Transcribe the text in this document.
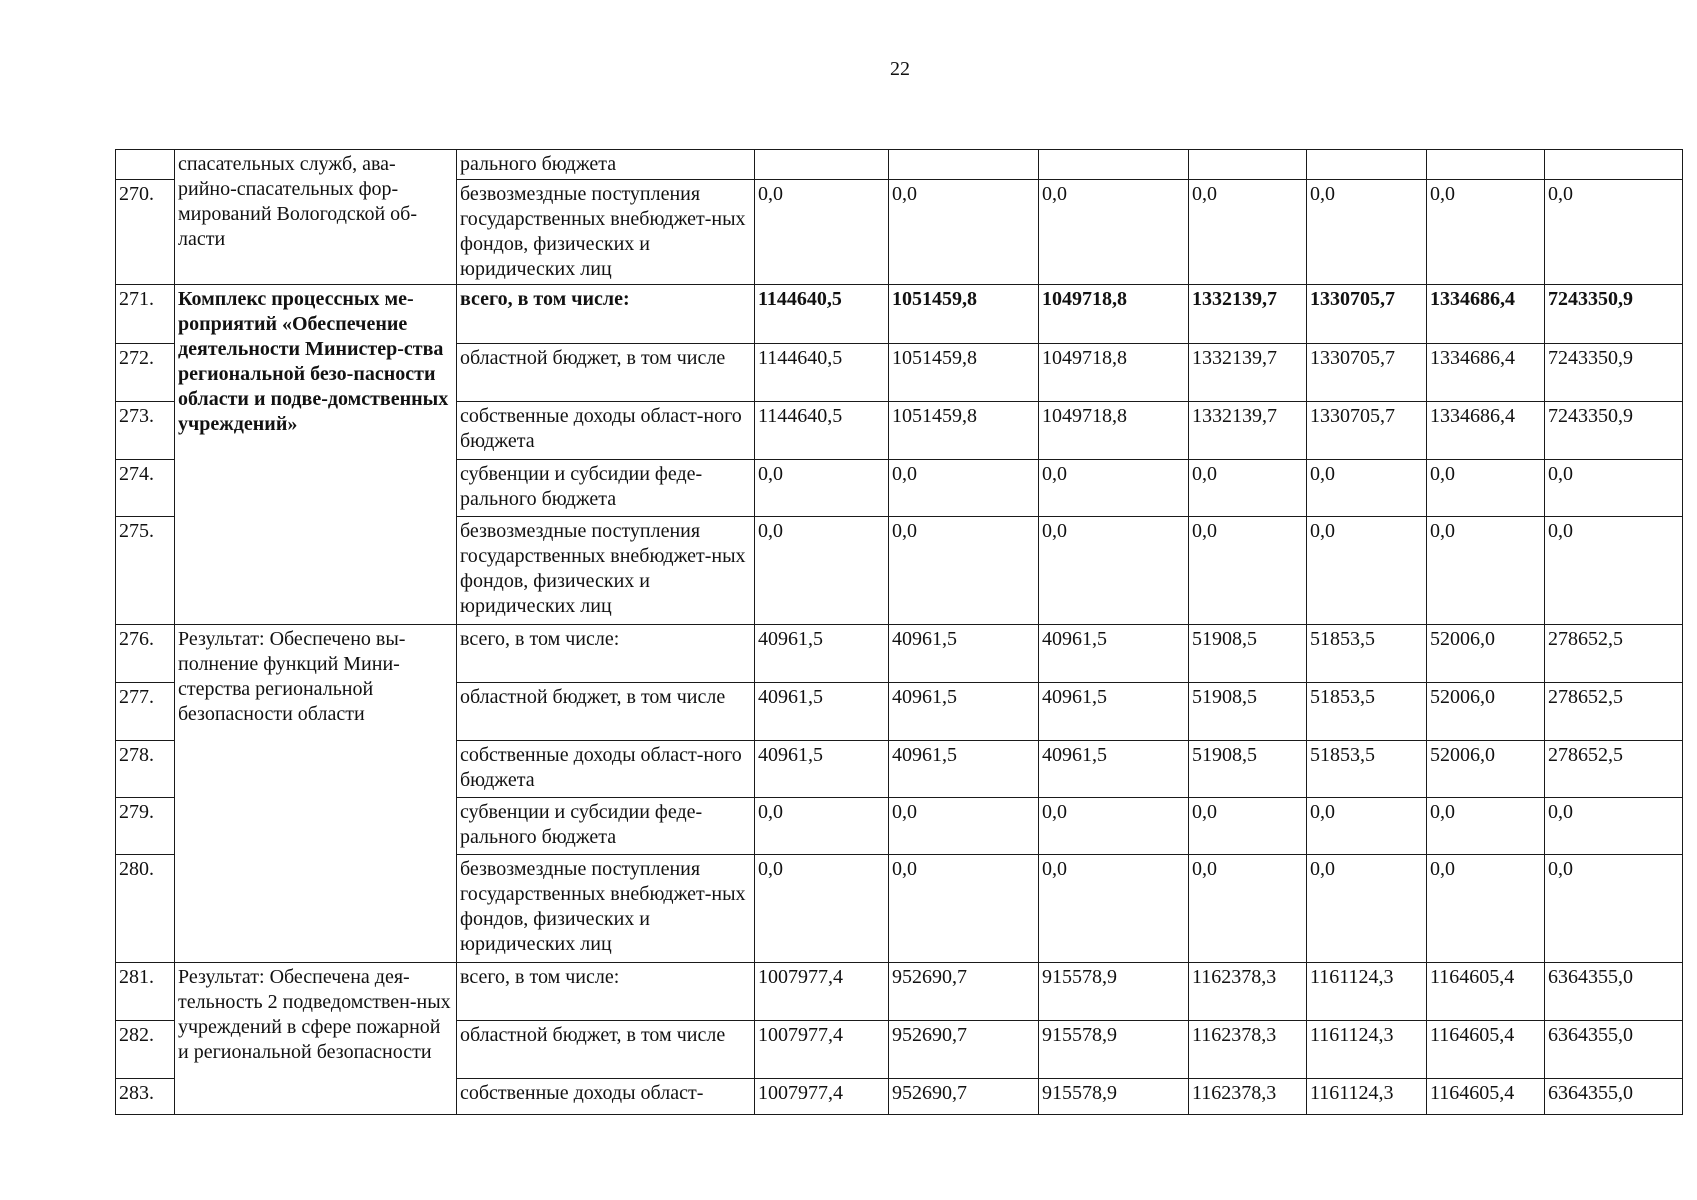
22
	спасательных служб, ава-рийно-спасательных фор-мирований Вологодской об-ласти	рального бюджета							
270.		безвозмездные поступления государственных внебюджет-ных фондов, физических и юридических лиц	0,0	0,0	0,0	0,0	0,0	0,0	0,0
271.	Комплекс процессных ме-роприятий «Обеспечение деятельности Министер-ства региональной безо-пасности области и подве-домственных учреждений»	всего, в том числе:	1144640,5	1051459,8	1049718,8	1332139,7	1330705,7	1334686,4	7243350,9
272.		областной бюджет, в том числе	1144640,5	1051459,8	1049718,8	1332139,7	1330705,7	1334686,4	7243350,9
273.		собственные доходы област-ного бюджета	1144640,5	1051459,8	1049718,8	1332139,7	1330705,7	1334686,4	7243350,9
274.		субвенции и субсидии феде-рального бюджета	0,0	0,0	0,0	0,0	0,0	0,0	0,0
275.		безвозмездные поступления государственных внебюджет-ных фондов, физических и юридических лиц	0,0	0,0	0,0	0,0	0,0	0,0	0,0
276.	Результат: Обеспечено вы-полнение функций Мини-стерства региональной безопасности области	всего, в том числе:	40961,5	40961,5	40961,5	51908,5	51853,5	52006,0	278652,5
277.		областной бюджет, в том числе	40961,5	40961,5	40961,5	51908,5	51853,5	52006,0	278652,5
278.		собственные доходы област-ного бюджета	40961,5	40961,5	40961,5	51908,5	51853,5	52006,0	278652,5
279.		субвенции и субсидии феде-рального бюджета	0,0	0,0	0,0	0,0	0,0	0,0	0,0
280.		безвозмездные поступления государственных внебюджет-ных фондов, физических и юридических лиц	0,0	0,0	0,0	0,0	0,0	0,0	0,0
281.	Результат: Обеспечена дея-тельность 2 подведомствен-ных учреждений в сфере пожарной и региональной безопасности	всего, в том числе:	1007977,4	952690,7	915578,9	1162378,3	1161124,3	1164605,4	6364355,0
282.		областной бюджет, в том числе	1007977,4	952690,7	915578,9	1162378,3	1161124,3	1164605,4	6364355,0
283.		собственные доходы област-	1007977,4	952690,7	915578,9	1162378,3	1161124,3	1164605,4	6364355,0
